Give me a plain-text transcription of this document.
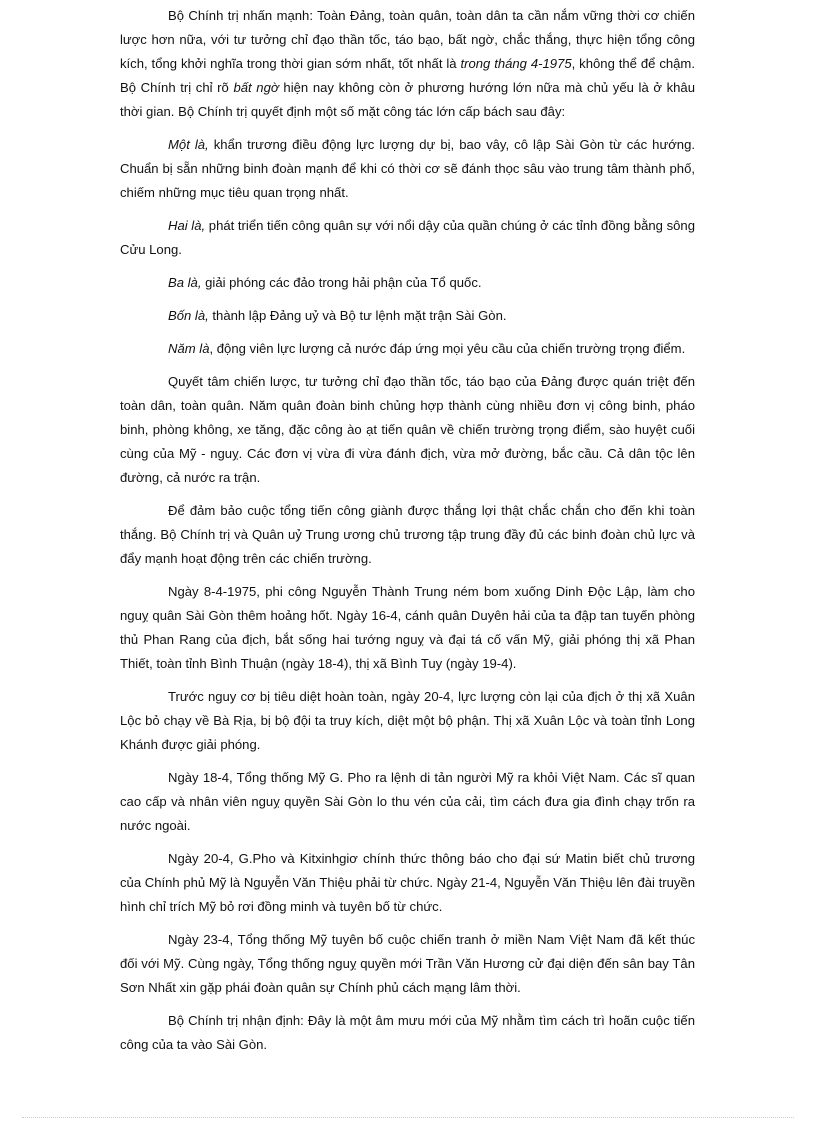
Bộ Chính trị nhấn mạnh: Toàn Đảng, toàn quân, toàn dân ta cần nắm vững thời cơ chiến lược hơn nữa, với tư tưởng chỉ đạo thần tốc, táo bạo, bất ngờ, chắc thắng, thực hiện tổng công kích, tổng khởi nghĩa trong thời gian sớm nhất, tốt nhất là trong tháng 4-1975, không thể để chậm. Bộ Chính trị chỉ rõ bất ngờ hiện nay không còn ở phương hướng lớn nữa mà chủ yếu là ở khâu thời gian. Bộ Chính trị quyết định một số mặt công tác lớn cấp bách sau đây:

Một là, khẩn trương điều động lực lượng dự bị, bao vây, cô lập Sài Gòn từ các hướng. Chuẩn bị sẵn những binh đoàn mạnh để khi có thời cơ sẽ đánh thọc sâu vào trung tâm thành phố, chiếm những mục tiêu quan trọng nhất.

Hai là, phát triển tiến công quân sự với nổi dậy của quần chúng ở các tỉnh đồng bằng sông Cửu Long.

Ba là, giải phóng các đảo trong hải phận của Tổ quốc.

Bốn là, thành lập Đảng uỷ và Bộ tư lệnh mặt trận Sài Gòn.

Năm là, động viên lực lượng cả nước đáp ứng mọi yêu cầu của chiến trường trọng điểm.

Quyết tâm chiến lược, tư tưởng chỉ đạo thần tốc, táo bạo của Đảng được quán triệt đến toàn dân, toàn quân. Năm quân đoàn binh chủng hợp thành cùng nhiều đơn vị công binh, pháo binh, phòng không, xe tăng, đặc công ào ạt tiến quân về chiến trường trọng điểm, sào huyệt cuối cùng của Mỹ - nguỵ. Các đơn vị vừa đi vừa đánh địch, vừa mở đường, bắc cầu. Cả dân tộc lên đường, cả nước ra trận.

Để đảm bảo cuộc tổng tiến công giành được thắng lợi thật chắc chắn cho đến khi toàn thắng. Bộ Chính trị và Quân uỷ Trung ương chủ trương tập trung đầy đủ các binh đoàn chủ lực và đẩy mạnh hoạt động trên các chiến trường.

Ngày 8-4-1975, phi công Nguyễn Thành Trung ném bom xuống Dinh Độc Lập, làm cho nguỵ quân Sài Gòn thêm hoảng hốt. Ngày 16-4, cánh quân Duyên hải của ta đập tan tuyến phòng thủ Phan Rang của địch, bắt sống hai tướng nguỵ và đại tá cố vấn Mỹ, giải phóng thị xã Phan Thiết, toàn tỉnh Bình Thuận (ngày 18-4), thị xã Bình Tuy (ngày 19-4).

Trước nguy cơ bị tiêu diệt hoàn toàn, ngày 20-4, lực lượng còn lại của địch ở thị xã Xuân Lộc bỏ chạy về Bà Rịa, bị bộ đội ta truy kích, diệt một bộ phận. Thị xã Xuân Lộc và toàn tỉnh Long Khánh được giải phóng.

Ngày 18-4, Tổng thống Mỹ G. Pho ra lệnh di tản người Mỹ ra khỏi Việt Nam. Các sĩ quan cao cấp và nhân viên nguỵ quyền Sài Gòn lo thu vén của cải, tìm cách đưa gia đình chạy trốn ra nước ngoài.

Ngày 20-4, G.Pho và Kitxinhgiơ chính thức thông báo cho đại sứ Matin biết chủ trương của Chính phủ Mỹ là Nguyễn Văn Thiệu phải từ chức. Ngày 21-4, Nguyễn Văn Thiệu lên đài truyền hình chỉ trích Mỹ bỏ rơi đồng minh và tuyên bố từ chức.

Ngày 23-4, Tổng thống Mỹ tuyên bố cuộc chiến tranh ở miền Nam Việt Nam đã kết thúc đối với Mỹ. Cùng ngày, Tổng thống nguỵ quyền mới Trần Văn Hương cử đại diện đến sân bay Tân Sơn Nhất xin gặp phái đoàn quân sự Chính phủ cách mạng lâm thời.

Bộ Chính trị nhận định: Đây là một âm mưu mới của Mỹ nhằm tìm cách trì hoãn cuộc tiến công của ta vào Sài Gòn.
